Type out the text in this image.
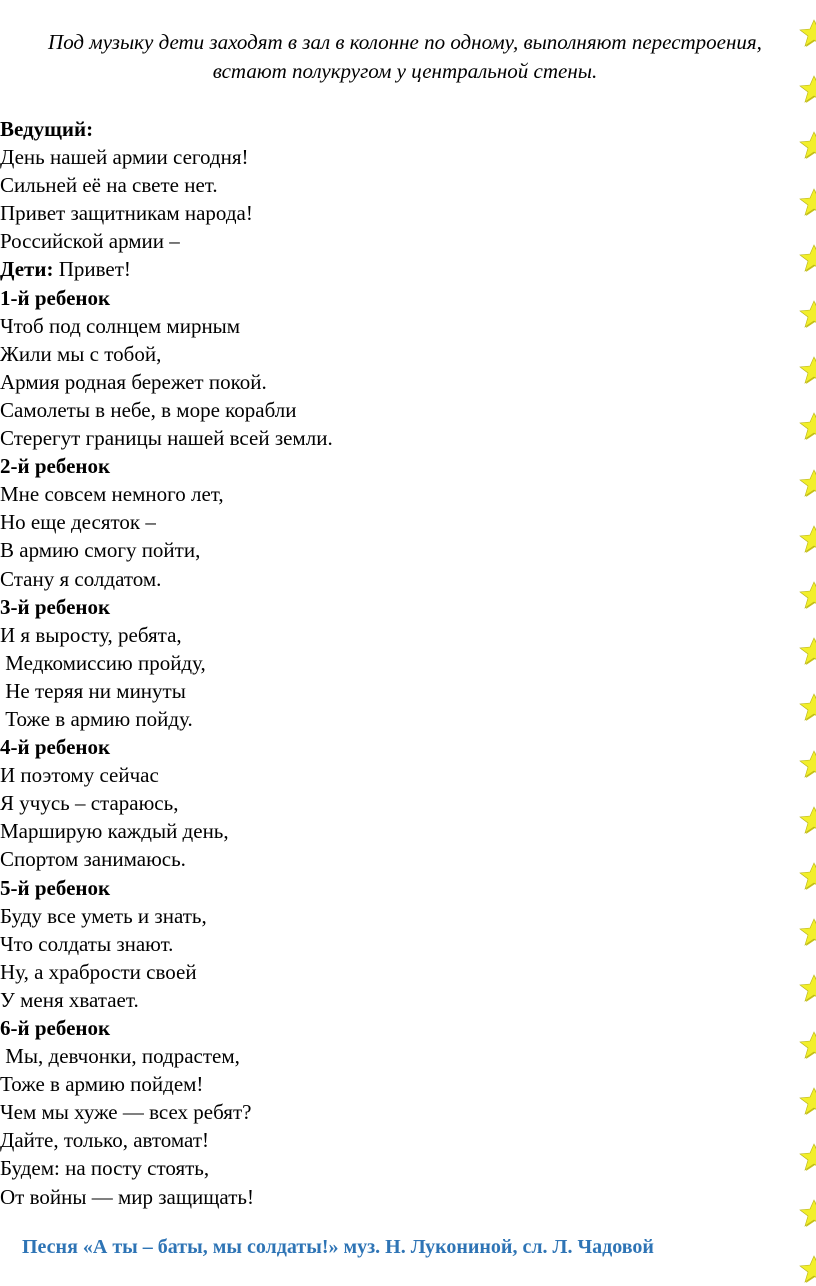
Под музыку дети заходят в зал в колонне по одному, выполняют перестроения, встают полукругом у центральной стены.
Ведущий:
День нашей армии сегодня!
Сильней её на свете нет.
Привет защитникам народа!
Российской армии –
Дети: Привет!
1-й ребенок
Чтоб под солнцем мирным
Жили мы с тобой,
Армия родная бережет покой.
Самолеты в небе, в море корабли
Стерегут границы нашей всей земли.
2-й ребенок
Мне совсем немного лет,
Но еще десяток –
В армию смогу пойти,
Стану я солдатом.
3-й ребенок
И я выросту, ребята,
Медкомиссию пройду,
Не теряя ни минуты
Тоже в армию пойду.
4-й ребенок
И поэтому сейчас
Я учусь – стараюсь,
Марширую каждый день,
Спортом занимаюсь.
5-й ребенок
Буду все уметь и знать,
Что солдаты знают.
Ну, а храбрости своей
У меня хватает.
6-й ребенок
Мы, девчонки, подрастем,
Тоже в армию пойдем!
Чем мы хуже — всех ребят?
Дайте, только, автомат!
Будем: на посту стоять,
От войны — мир защищать!
Песня «А ты – баты, мы солдаты!» муз. Н. Лукониной, сл. Л. Чадовой
